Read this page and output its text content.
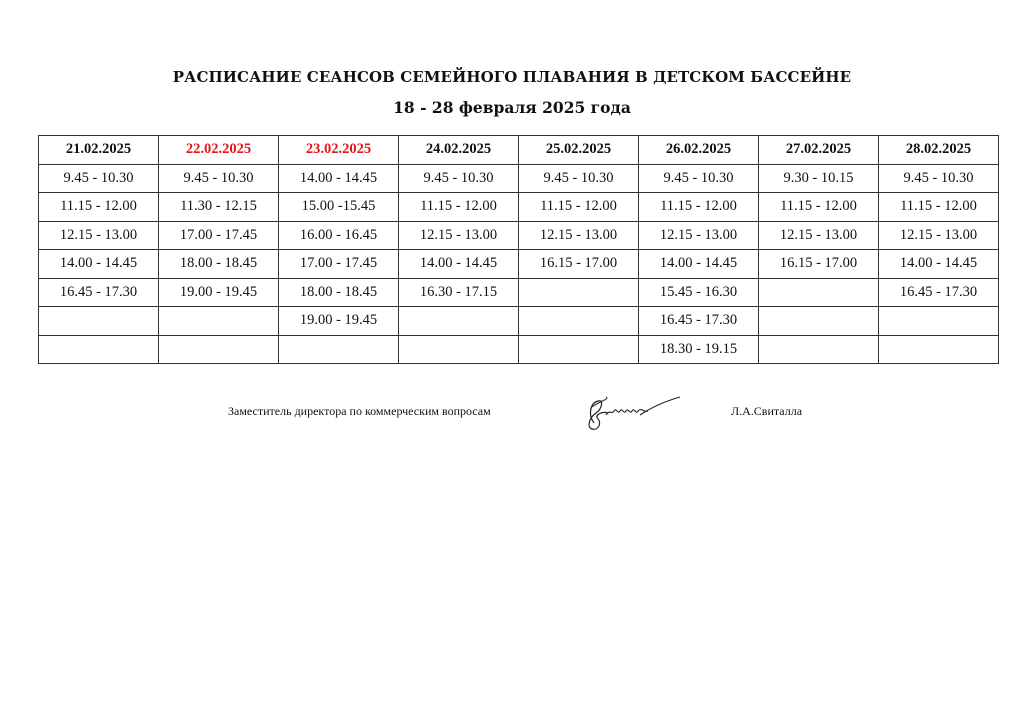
РАСПИСАНИЕ СЕАНСОВ СЕМЕЙНОГО ПЛАВАНИЯ В ДЕТСКОМ БАССЕЙНЕ
18 - 28 февраля 2025 года
21.02.2025	22.02.2025	23.02.2025	24.02.2025	25.02.2025	26.02.2025	27.02.2025	28.02.2025
9.45 - 10.30	9.45 - 10.30	14.00 - 14.45	9.45 - 10.30	9.45 - 10.30	9.45 - 10.30	9.30 - 10.15	9.45 - 10.30
11.15 - 12.00	11.30 - 12.15	15.00 -15.45	11.15 - 12.00	11.15 - 12.00	11.15 - 12.00	11.15 - 12.00	11.15 - 12.00
12.15 - 13.00	17.00 - 17.45	16.00 - 16.45	12.15 - 13.00	12.15 - 13.00	12.15 - 13.00	12.15 - 13.00	12.15 - 13.00
14.00 - 14.45	18.00 - 18.45	17.00 - 17.45	14.00 - 14.45	16.15 - 17.00	14.00 - 14.45	16.15 - 17.00	14.00 - 14.45
16.45 - 17.30	19.00 - 19.45	18.00 - 18.45	16.30 - 17.15		15.45 - 16.30		16.45 - 17.30
		19.00 - 19.45			16.45 - 17.30		
					18.30 - 19.15		
Заместитель директора по коммерческим вопросам	Л.А.Свиталла
